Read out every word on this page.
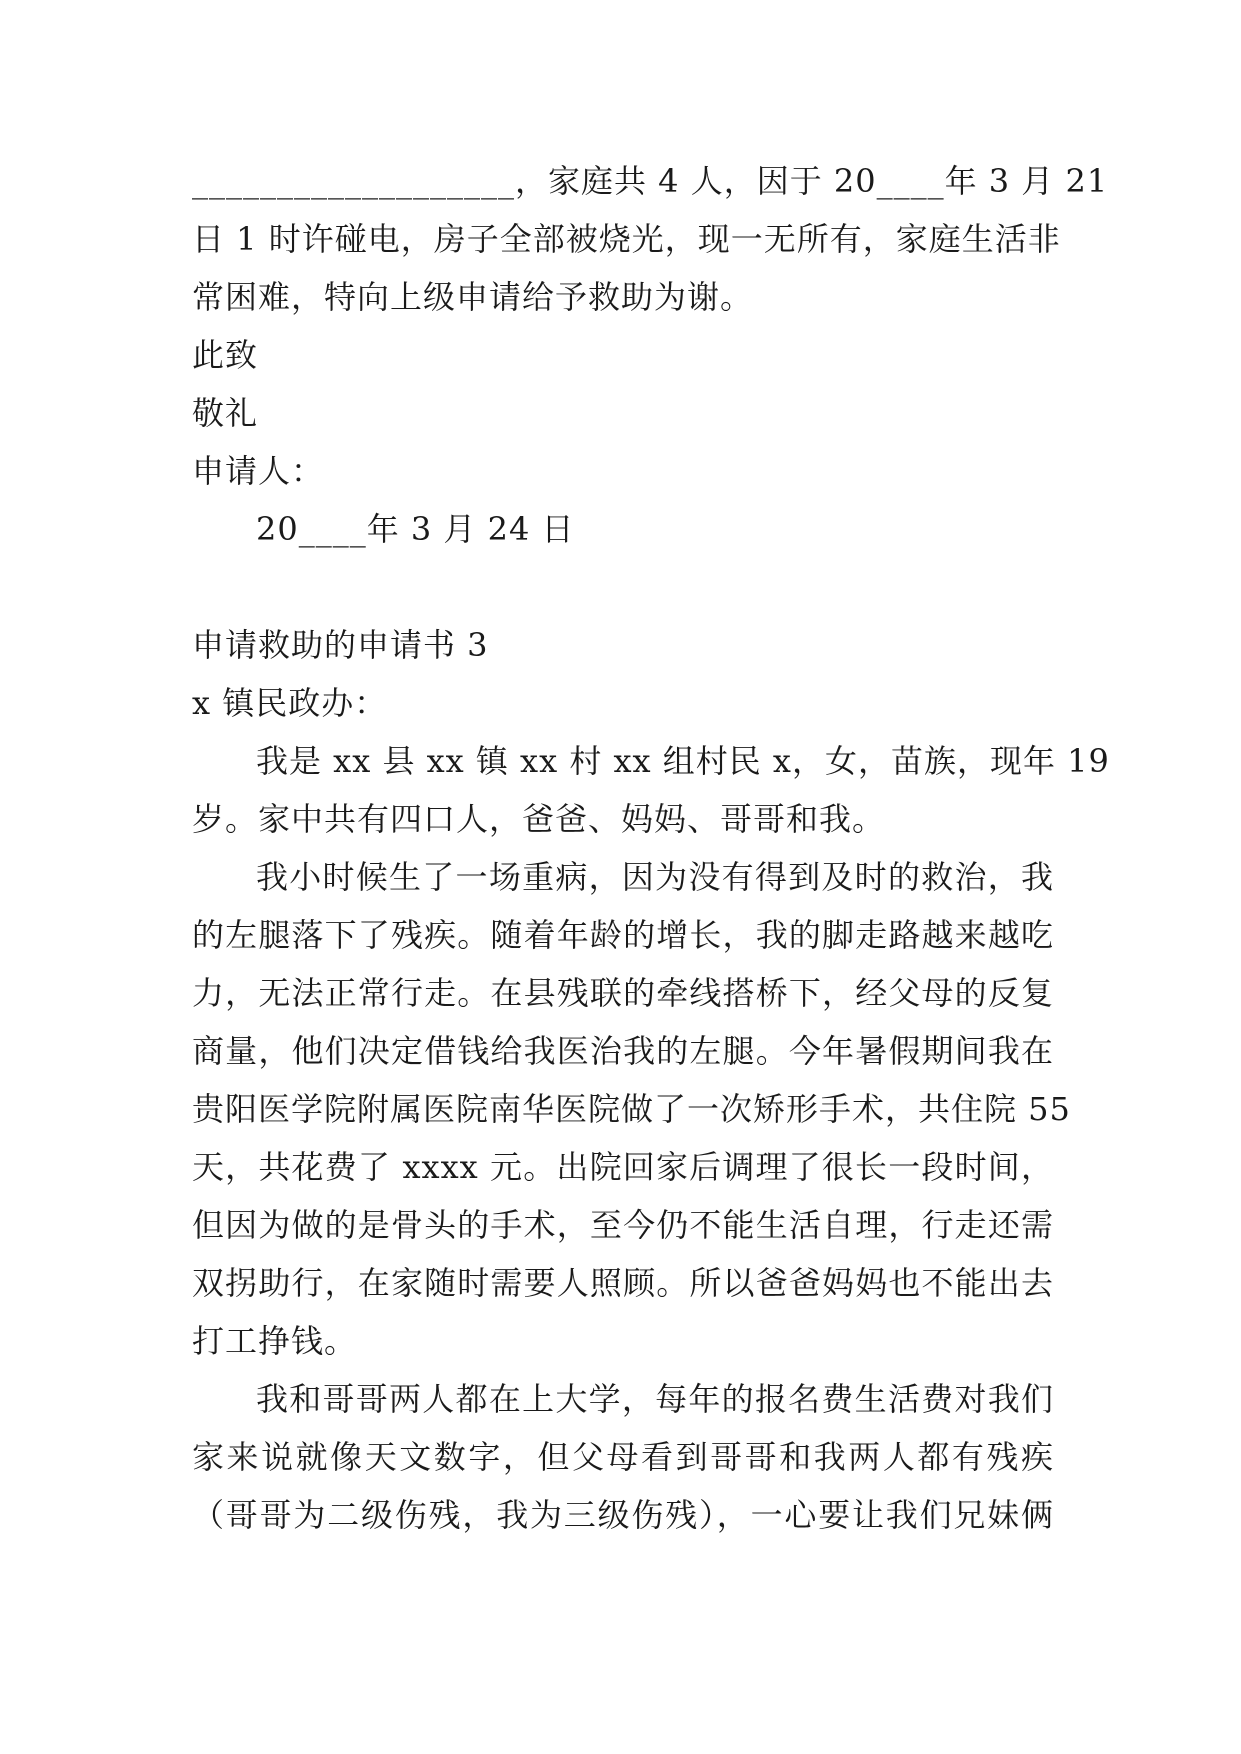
___________________，家庭共 4 人，因于 20____年 3 月 21
日 1 时许碰电，房子全部被烧光，现一无所有，家庭生活非
常困难，特向上级申请给予救助为谢。
此致
敬礼
申请人：
20____年 3 月 24 日
申请救助的申请书 3
x 镇民政办：
我是 xx 县 xx 镇 xx 村 xx 组村民 x，女，苗族，现年 19
岁。家中共有四口人，爸爸、妈妈、哥哥和我。
我小时候生了一场重病，因为没有得到及时的救治，我
的左腿落下了残疾。随着年龄的增长，我的脚走路越来越吃
力，无法正常行走。在县残联的牵线搭桥下，经父母的反复
商量，他们决定借钱给我医治我的左腿。今年暑假期间我在
贵阳医学院附属医院南华医院做了一次矫形手术，共住院 55
天，共花费了 xxxx 元。出院回家后调理了很长一段时间，
但因为做的是骨头的手术，至今仍不能生活自理，行走还需
双拐助行，在家随时需要人照顾。所以爸爸妈妈也不能出去
打工挣钱。
我和哥哥两人都在上大学，每年的报名费生活费对我们
家来说就像天文数字，但父母看到哥哥和我两人都有残疾
（哥哥为二级伤残，我为三级伤残），一心要让我们兄妹俩
